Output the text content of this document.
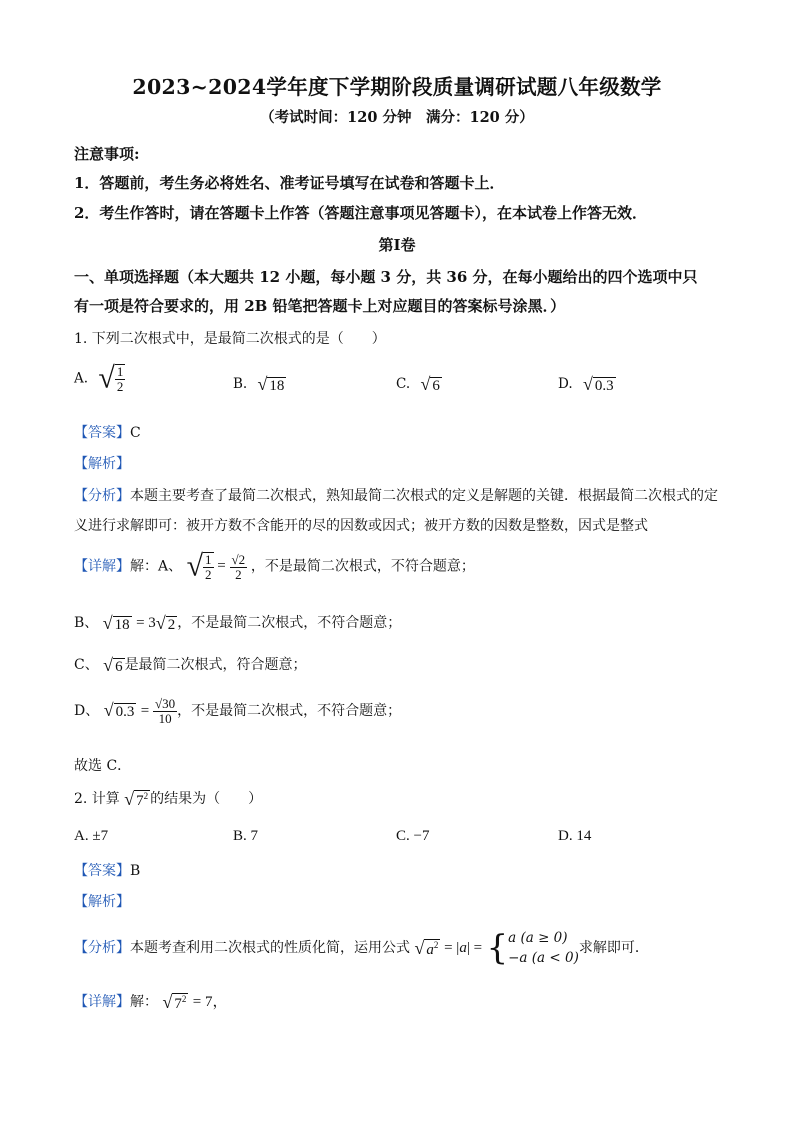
2023~2024学年度下学期阶段质量调研试题八年级数学
（考试时间：120 分钟　满分：120 分）
注意事项:
1．答题前，考生务必将姓名、准考证号填写在试卷和答题卡上．
2．考生作答时，请在答题卡上作答（答题注意事项见答题卡），在本试卷上作答无效．
第Ⅰ卷
一、单项选择题（本大题共 12 小题，每小题 3 分，共 36 分，在每小题给出的四个选项中只
有一项是符合要求的，用 2B 铅笔把答题卡上对应题目的答案标号涂黑．）
1. 下列二次根式中，是最简二次根式的是（　　）
A. √ $\frac{1}{2}$	B. √ 18	C. √ 6	D. √ 0.3
【答案】C
【解析】
【分析】本题主要考查了最简二次根式，熟知最简二次根式的定义是解题的关键．根据最简二次根式的定
义进行求解即可：被开方数不含能开的尽的因数或因式；被开方数的因数是整数，因式是整式
【详解】解：A、 √ $\frac{1}{2} = \frac{√2}{2}$ ，不是最简二次根式，不符合题意；
B、 √ 18 = 3√ 2 ，不是最简二次根式，不符合题意；
C、 √ 6 是最简二次根式，符合题意；
D、 √ $0.3 = \frac{√30}{10}$ ，不是最简二次根式，不符合题意；
故选 C．
2. 计算 √ $7^2$ 的结果为（　　）
A. ±7	B. 7	C. −7	D. 14
【答案】B
【解析】
【分析】本题考查利用二次根式的性质化简，运用公式 √ $a^2 = |a|$ = { a (a ≥ 0)
−a (a < 0)
求解即可．
【详解】解： √ $7^2 = 7$，
